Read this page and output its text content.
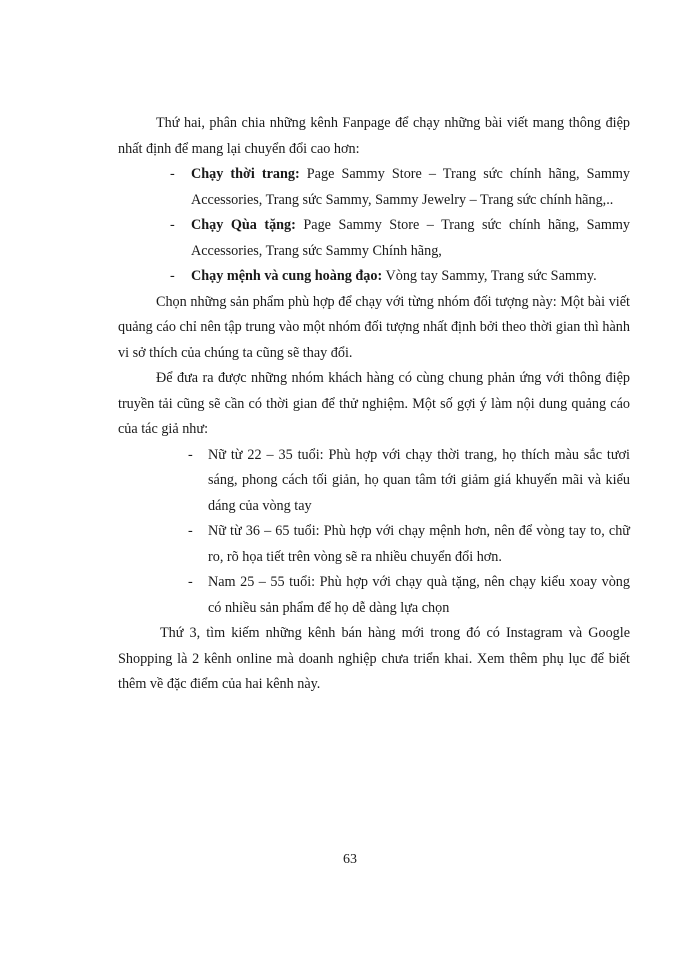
Thứ hai, phân chia những kênh Fanpage để chạy những bài viết mang thông điệp nhất định để mang lại chuyển đổi cao hơn:

- Chạy thời trang: Page Sammy Store – Trang sức chính hãng, Sammy Accessories, Trang sức Sammy, Sammy Jewelry – Trang sức chính hãng,..
- Chạy Qùa tặng: Page Sammy Store – Trang sức chính hãng, Sammy Accessories, Trang sức Sammy Chính hãng,
- Chạy mệnh và cung hoàng đạo: Vòng tay Sammy, Trang sức Sammy.

Chọn những sản phẩm phù hợp để chạy với từng nhóm đối tượng này: Một bài viết quảng cáo chỉ nên tập trung vào một nhóm đối tượng nhất định bởi theo thời gian thì hành vi sở thích của chúng ta cũng sẽ thay đổi.

Để đưa ra được những nhóm khách hàng có cùng chung phản ứng với thông điệp truyền tải cũng sẽ cần có thời gian để thử nghiệm. Một số gợi ý làm nội dung quảng cáo của tác giả như:

- Nữ từ 22 – 35 tuổi: Phù hợp với chạy thời trang, họ thích màu sắc tươi sáng, phong cách tối giản, họ quan tâm tới giảm giá khuyến mãi và kiểu dáng của vòng tay
- Nữ từ 36 – 65 tuổi: Phù hợp với chạy mệnh hơn, nên để vòng tay to, chữ ro, rõ họa tiết trên vòng sẽ ra nhiều chuyển đổi hơn.
- Nam 25 – 55 tuổi: Phù hợp với chạy quà tặng, nên chạy kiểu xoay vòng có nhiều sản phẩm để họ dễ dàng lựa chọn

Thứ 3, tìm kiếm những kênh bán hàng mới trong đó có Instagram và Google Shopping là 2 kênh online mà doanh nghiệp chưa triển khai. Xem thêm phụ lục để biết thêm về đặc điểm của hai kênh này.

63
